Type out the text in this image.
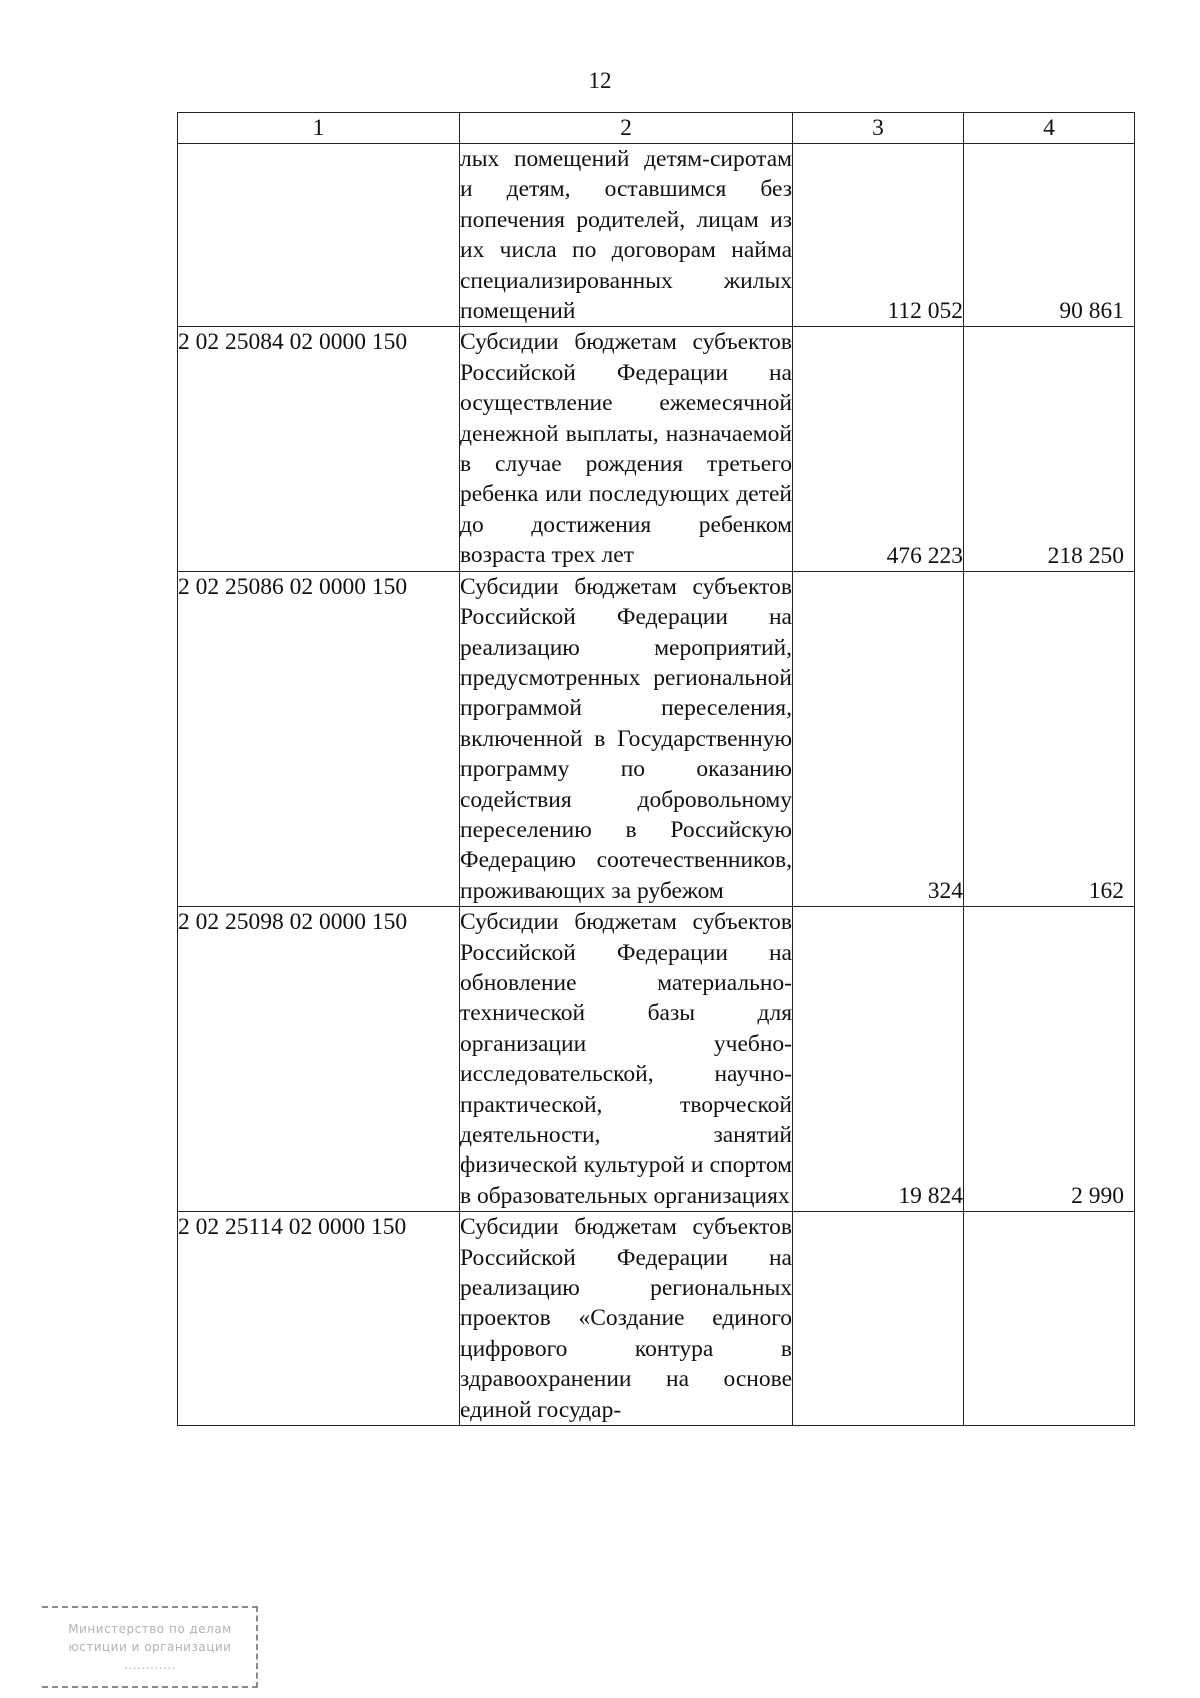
12
1	2	3	4
	лых помещений детям-сиротам и детям, оставшимся без попечения родителей, лицам из их числа по договорам найма специализированных жилых помещений	112 052	90 861
2 02 25084 02 0000 150	Субсидии бюджетам субъектов Российской Федерации на осуществление ежемесячной денежной выплаты, назначаемой в случае рождения третьего ребенка или последующих детей до достижения ребенком возраста трех лет	476 223	218 250
2 02 25086 02 0000 150	Субсидии бюджетам субъектов Российской Федерации на реализацию мероприятий, предусмотренных региональной программой переселения, включенной в Государственную программу по оказанию содействия добровольному переселению в Российскую Федерацию соотечественников, проживающих за рубежом	324	162
2 02 25098 02 0000 150	Субсидии бюджетам субъектов Российской Федерации на обновление материально-технической базы для организации учебно-исследовательской, научно-практической, творческой деятельности, занятий физической культурой и спортом в образовательных организациях	19 824	2 990
2 02 25114 02 0000 150	Субсидии бюджетам субъектов Российской Федерации на реализацию региональных проектов «Создание единого цифрового контура в здравоохранении на основе единой государ-		
Министерство по делам
юстиции и организации
............
